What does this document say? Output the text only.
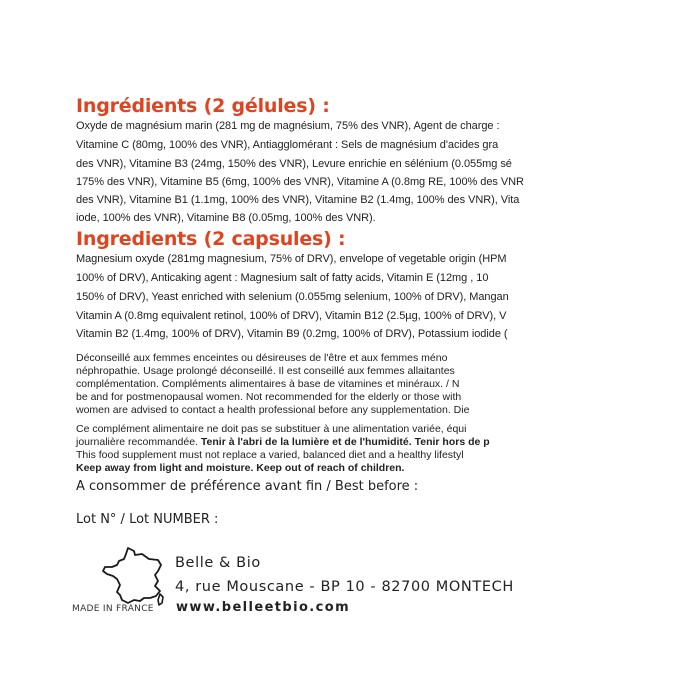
Ingrédients (2 gélules) :
Oxyde de magnésium marin (281 mg de magnésium, 75% des VNR), Agent de charge :
Vitamine C (80mg, 100% des VNR), Antiagglomérant : Sels de magnésium d'acides gra
des VNR), Vitamine B3 (24mg, 150% des VNR), Levure enrichie en sélénium (0.055mg sé
175% des VNR), Vitamine B5 (6mg, 100% des VNR), Vitamine A (0.8mg RE, 100% des VNR
des VNR), Vitamine B1 (1.1mg, 100% des VNR), Vitamine B2 (1.4mg, 100% des VNR), Vita
iode, 100% des VNR), Vitamine B8 (0.05mg, 100% des VNR).
Ingredients (2 capsules) :
Magnesium oxyde (281mg magnesium, 75% of DRV), envelope of vegetable origin (HPM
100% of DRV), Anticaking agent : Magnesium salt of fatty acids, Vitamin E (12mg , 10
150% of DRV), Yeast enriched with selenium (0.055mg selenium, 100% of DRV), Mangan
Vitamin A (0.8mg equivalent retinol, 100% of DRV), Vitamin B12 (2.5µg, 100% of DRV), V
Vitamin B2 (1.4mg, 100% of DRV), Vitamin B9 (0.2mg, 100% of DRV), Potassium iodide (
Déconseillé aux femmes enceintes ou désireuses de l'être et aux femmes méno
néphropathie. Usage prolongé déconseillé. Il est conseillé aux femmes allaitantes
complémentation. Compléments alimentaires à base de vitamines et minéraux. / N
be and for postmenopausal women. Not recommended for the elderly or those with
women are advised to contact a health professional before any supplementation. Die
Ce complément alimentaire ne doit pas se substituer à une alimentation variée, équi
journalière recommandée. Tenir à l'abri de la lumière et de l'humidité. Tenir hors de p
This food supplement must not replace a varied, balanced diet and a healthy lifestyl
Keep away from light and moisture. Keep out of reach of children.
A consommer de préférence avant fin / Best before :
Lot N° / Lot NUMBER :
Belle & Bio
4, rue Mouscane - BP 10 - 82700 MONTECH
MADE IN FRANCE www.belleetbio.com
